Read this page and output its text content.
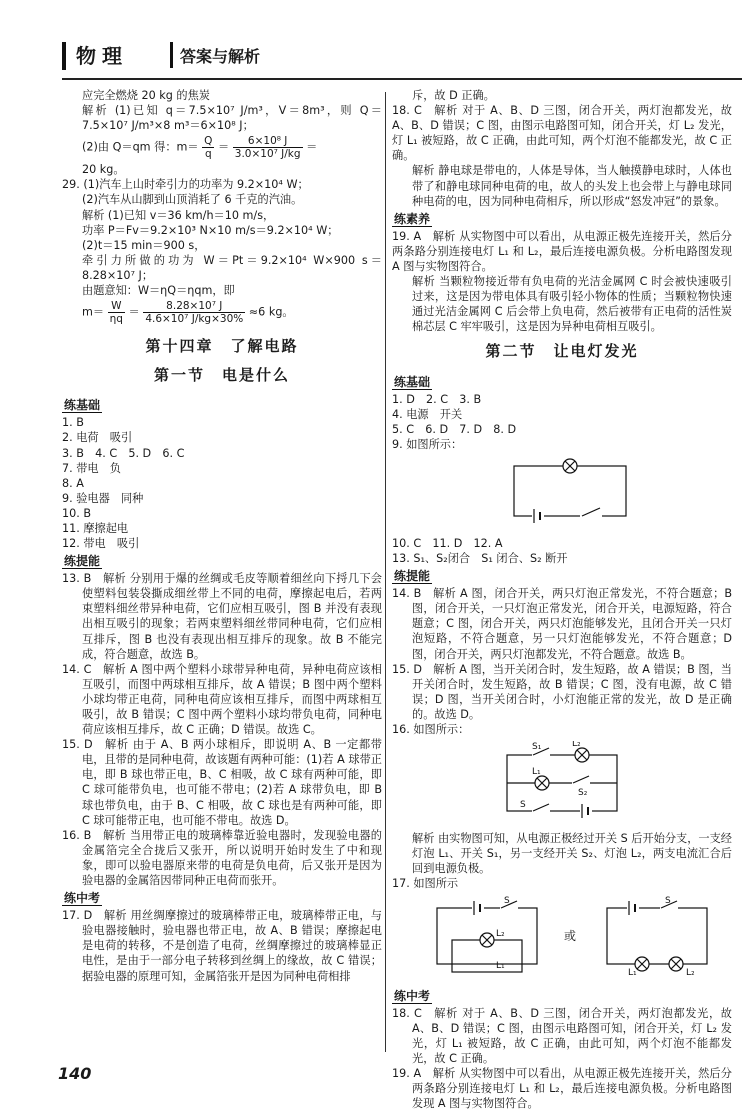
物理	答案与解析

应完全燃烧 20 kg 的焦炭

解析 (1)已知 q＝7.5×10⁷ J/m³，V＝8m³，则 Q＝7.5×10⁷ J/m³×8 m³＝6×10⁸ J；

(2)由 Q＝qm 得：$m= \frac{Q}{q} = \frac{\text{6×10⁸ J}}{\text{3.0×10⁷ J/kg}}$ ＝

20 kg。

29. (1)汽车上山时牵引力的功率为 9.2×10⁴ W；

(2)汽车从山脚到山顶消耗了 6 千克的汽油。

解析 (1)已知 v＝36 km/h＝10 m/s，

功率 P＝Fv＝9.2×10³ N×10 m/s＝9.2×10⁴ W；

(2)t＝15 min＝900 s，

牵引力所做的功为 W＝Pt＝9.2×10⁴ W×900 s＝8.28×10⁷ J；

由题意知：W＝ηQ＝ηqm，即

$m= \frac{W}{\eta q} = \frac{\text{8.28×10⁷ J}}{\text{4.6×10⁷ J/kg×30\%}} \approx 6$ kg。

第十四章　了解电路
第一节　电是什么
练基础

1. B

2. 电荷　吸引

3. B　4. C　5. D　6. C

7. 带电　负

8. A

9. 验电器　同种

10. B

11. 摩擦起电

12. 带电　吸引

练提能

13. B　解析 分别用于爆的丝绸或毛皮等顺着细丝向下捋几下会使塑料包装袋撕成细丝带上不同的电荷，摩擦起电后，若两束塑料细丝带异种电荷，它们应相互吸引，图 B 并没有表现出相互吸引的现象；若两束塑料细丝带同种电荷，它们应相互排斥，图 B 也没有表现出相互排斥的现象。故 B 不能完成，符合题意，故选 B。

14. C　解析 A 图中两个塑料小球带异种电荷，异种电荷应该相互吸引，而图中两球相互排斥，故 A 错误；B 图中两个塑料小球均带正电荷，同种电荷应该相互排斥，而图中两球相互吸引，故 B 错误；C 图中两个塑料小球均带负电荷，同种电荷应该相互排斥，故 C 正确；D 错误。故选 C。

15. D　解析 由于 A、B 两小球相斥，即说明 A、B 一定都带电，且带的是同种电荷，故该题有两种可能：(1)若 A 球带正电，即 B 球也带正电，B、C 相吸，故 C 球有两种可能，即 C 球可能带负电，也可能不带电；(2)若 A 球带负电，即 B 球也带负电，由于 B、C 相吸，故 C 球也是有两种可能，即 C 球可能带正电，也可能不带电。故选 D。

16. B　解析 当用带正电的玻璃棒靠近验电器时，发现验电器的金属箔完全合拢后又张开，所以说明开始时发生了中和现象，即可以验电器原来带的电荷是负电荷，后又张开是因为验电器的金属箔因带同种正电荷而张开。

练中考

17. D　解析 用丝绸摩擦过的玻璃棒带正电，玻璃棒带正电，与验电器接触时，验电器也带正电，故 A、B 错误；摩擦起电是电荷的转移，不是创造了电荷，丝绸摩擦过的玻璃棒显正电性，是由于一部分电子转移到丝绸上的缘故，故 C 错误；据验电器的原理可知，金属箔张开是因为同种电荷相排

斥，故 D 正确。

18. C　解析 对于 A、B、D 三图，闭合开关，两灯泡都发光，故 A、B、D 错误；C 图，由图示电路图可知，闭合开关，灯 L₂ 发光，灯 L₁ 被短路，故 C 正确，由此可知，两个灯泡不能都发光，故 C 正确。

解析 静电球是带电的，人体是导体，当人触摸静电球时，人体也带了和静电球同种电荷的电，故人的头发上也会带上与静电球同种电荷的电，因为同种电荷相斥，所以形成“怒发冲冠”的景象。

练素养

19. A　解析 从实物图中可以看出，从电源正极先连接开关，然后分两条路分别连接电灯 L₁ 和 L₂，最后连接电源负极。分析电路图发现 A 图与实物图符合。

解析 当颗粒物接近带有负电荷的光洁金属网 C 时会被快速吸引过来，这是因为带电体具有吸引轻小物体的性质；当颗粒物快速通过光洁金属网 C 后会带上负电荷，然后被带有正电荷的活性炭棉芯层 C 牢牢吸引，这是因为异种电荷相互吸引。

第二节　让电灯发光
练基础

1. D　2. C　3. B

4. 电源　开关

5. C　6. D　7. D　8. D

9. 如图所示：

10. C　11. D　12. A

13. S₁、S₂闭合　S₁ 闭合、S₂ 断开

练提能

14. B　解析 A 图，闭合开关，两只灯泡正常发光，不符合题意；B 图，闭合开关，一只灯泡正常发光，闭合开关，电源短路，符合题意；C 图，闭合开关，两只灯泡能够发光，且闭合开关一只灯泡短路，不符合题意，另一只灯泡能够发光，不符合题意；D 图，闭合开关，两只灯泡都发光，不符合题意。故选 B。

15. D　解析 A 图，当开关闭合时，发生短路，故 A 错误；B 图，当开关闭合时，发生短路，故 B 错误；C 图，没有电源，故 C 错误；D 图，当开关闭合时，小灯泡能正常的发光，故 D 是正确的。故选 D。

16. 如图所示：

S₁	L₂
L₁
S₂
S

解析 由实物图可知，从电源正极经过开关 S 后开始分支，一支经灯泡 L₁、开关 S₁，另一支经开关 S₂、灯泡 L₂，两支电流汇合后回到电源负极。

17. 如图所示

S
L₂
L₁
S
L₁	L₂
或
练中考

18. C　解析 对于 A、B、D 三图，闭合开关，两灯泡都发光，故 A、B、D 错误；C 图，由图示电路图可知，闭合开关，灯 L₂ 发光，灯 L₁ 被短路，故 C 正确，由此可知，两个灯泡不能都发光，故 C 正确。

19. A　解析 从实物图中可以看出，从电源正极先连接开关，然后分两条路分别连接电灯 L₁ 和 L₂，最后连接电源负极。分析电路图发现 A 图与实物图符合。

140
